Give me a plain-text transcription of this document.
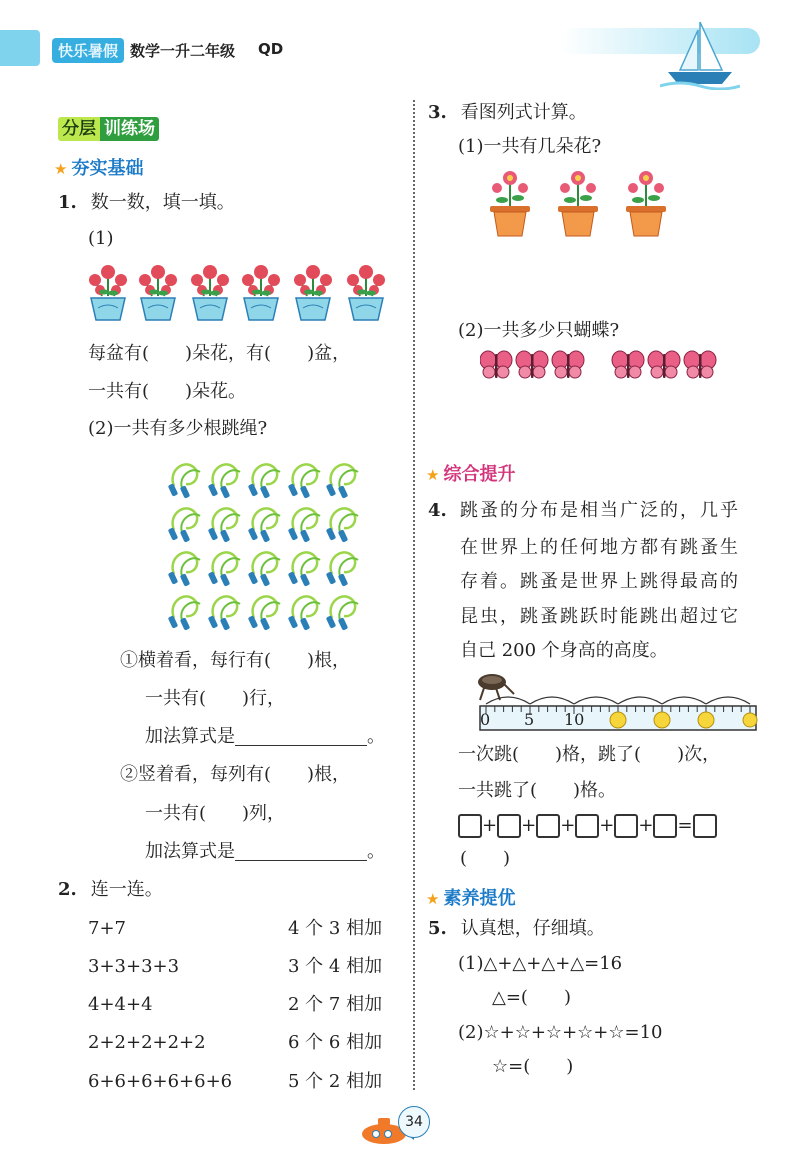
快乐暑假 数学一升二年级 QD
分层 训练场
★ 夯实基础
1. 数一数，填一填。
(1)
每盆有(　　)朵花，有(　　)盆，
一共有(　　)朵花。
(2)一共有多少根跳绳?
①横着看，每行有(　　)根，
一共有(　　)行，
加法算式是	。
②竖着看，每列有(　　)根，
一共有(　　)列，
加法算式是	。
2. 连一连。
7+7
3+3+3+3
4+4+4
2+2+2+2+2
6+6+6+6+6+6
4 个 3 相加
3 个 4 相加
2 个 7 相加
6 个 6 相加
5 个 2 相加
3. 看图列式计算。
(1)一共有几朵花?
(2)一共多少只蝴蝶?
★ 综合提升
4. 跳蚤的分布是相当广泛的，几乎
在世界上的任何地方都有跳蚤生
存着。跳蚤是世界上跳得最高的
昆虫，跳蚤跳跃时能跳出超过它
自己 200 个身高的高度。
0 5 10
一次跳(　　)格，跳了(　　)次，
一共跳了(　　)格。
+ + + + + =
(　　)
★ 素养提优
5. 认真想，仔细填。
(1)△+△+△+△=16
△=(　　)
(2)☆+☆+☆+☆+☆=10
☆=(　　)
34
